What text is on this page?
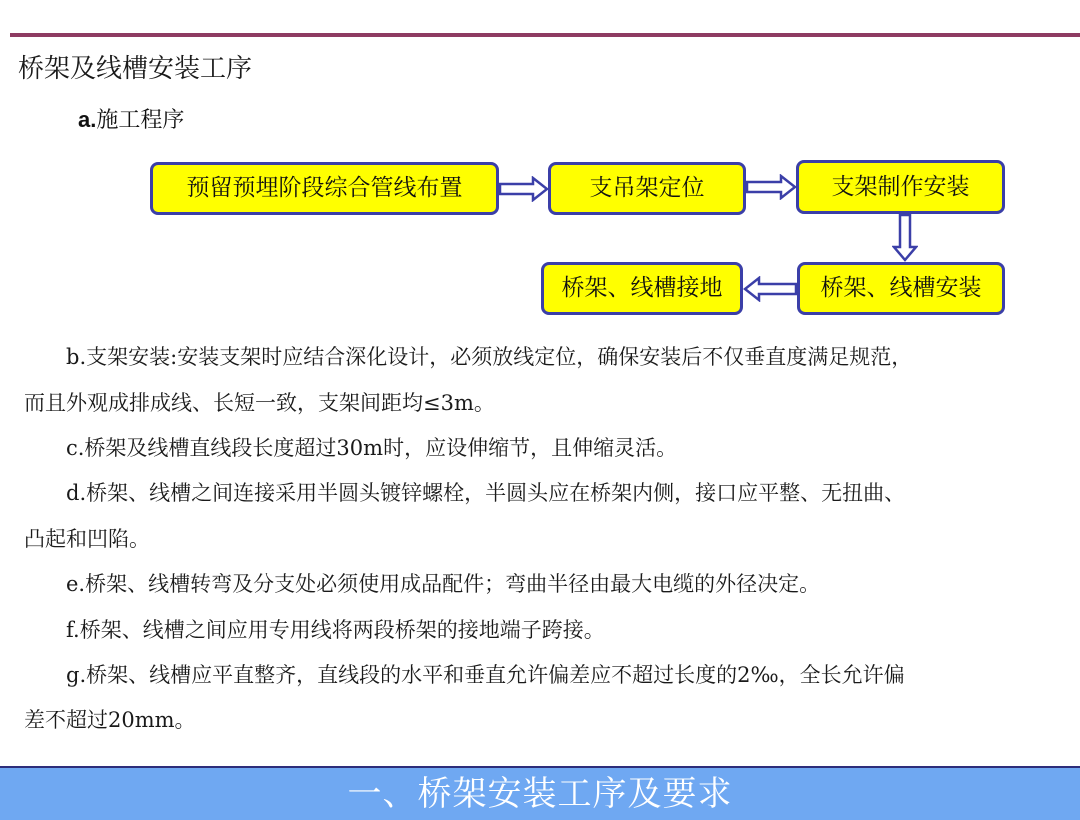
桥架及线槽安装工序
a.施工程序
预留预埋阶段综合管线布置	支吊架定位	支架制作安装
桥架、线槽安装
桥架、线槽接地
b.支架安装:安装支架时应结合深化设计，必须放线定位，确保安装后不仅垂直度满足规范，
而且外观成排成线、长短一致，支架间距均≤3m。
c.桥架及线槽直线段长度超过30m时，应设伸缩节，且伸缩灵活。
d.桥架、线槽之间连接采用半圆头镀锌螺栓，半圆头应在桥架内侧，接口应平整、无扭曲、
凸起和凹陷。
e.桥架、线槽转弯及分支处必须使用成品配件；弯曲半径由最大电缆的外径决定。
f.桥架、线槽之间应用专用线将两段桥架的接地端子跨接。
g.桥架、线槽应平直整齐，直线段的水平和垂直允许偏差应不超过长度的2‰，全长允许偏
差不超过20mm。
一、桥架安装工序及要求
